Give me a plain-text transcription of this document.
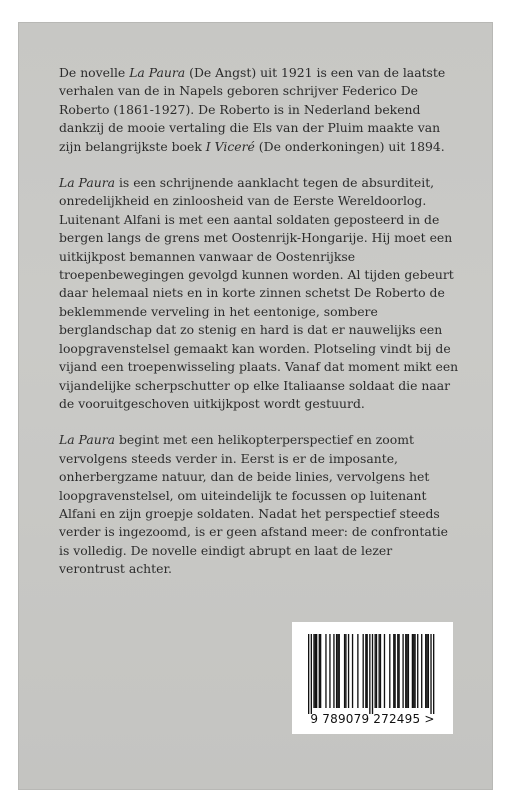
De novelle La Paura (De Angst) uit 1921 is een van de laatste verhalen van de in Napels geboren schrijver Federico De Roberto (1861-1927). De Roberto is in Nederland bekend dankzij de mooie vertaling die Els van der Pluim maakte van zijn belangrijkste boek I Viceré (De onderkoningen) uit 1894.

La Paura is een schrijnende aanklacht tegen de absurditeit, onredelijkheid en zinloosheid van de Eerste Wereldoorlog. Luitenant Alfani is met een aantal soldaten geposteerd in de bergen langs de grens met Oostenrijk-Hongarije. Hij moet een uitkijkpost bemannen vanwaar de Oostenrijkse troepenbewegingen gevolgd kunnen worden. Al tijden gebeurt daar helemaal niets en in korte zinnen schetst De Roberto de beklemmende verveling in het eentonige, sombere berglandschap dat zo stenig en hard is dat er nauwelijks een loopgravenstelsel gemaakt kan worden. Plotseling vindt bij de vijand een troepenwisseling plaats. Vanaf dat moment mikt een vijandelijke scherpschutter op elke Italiaanse soldaat die naar de vooruitgeschoven uitkijkpost wordt gestuurd.

La Paura begint met een helikopterperspectief en zoomt vervolgens steeds verder in. Eerst is er de imposante, onherbergzame natuur, dan de beide linies, vervolgens het loopgravenstelsel, om uiteindelijk te focussen op luitenant Alfani en zijn groepje soldaten. Nadat het perspectief steeds verder is ingezoomd, is er geen afstand meer: de confrontatie is volledig. De novelle eindigt abrupt en laat de lezer verontrust achter.

9 789079 272495 >
